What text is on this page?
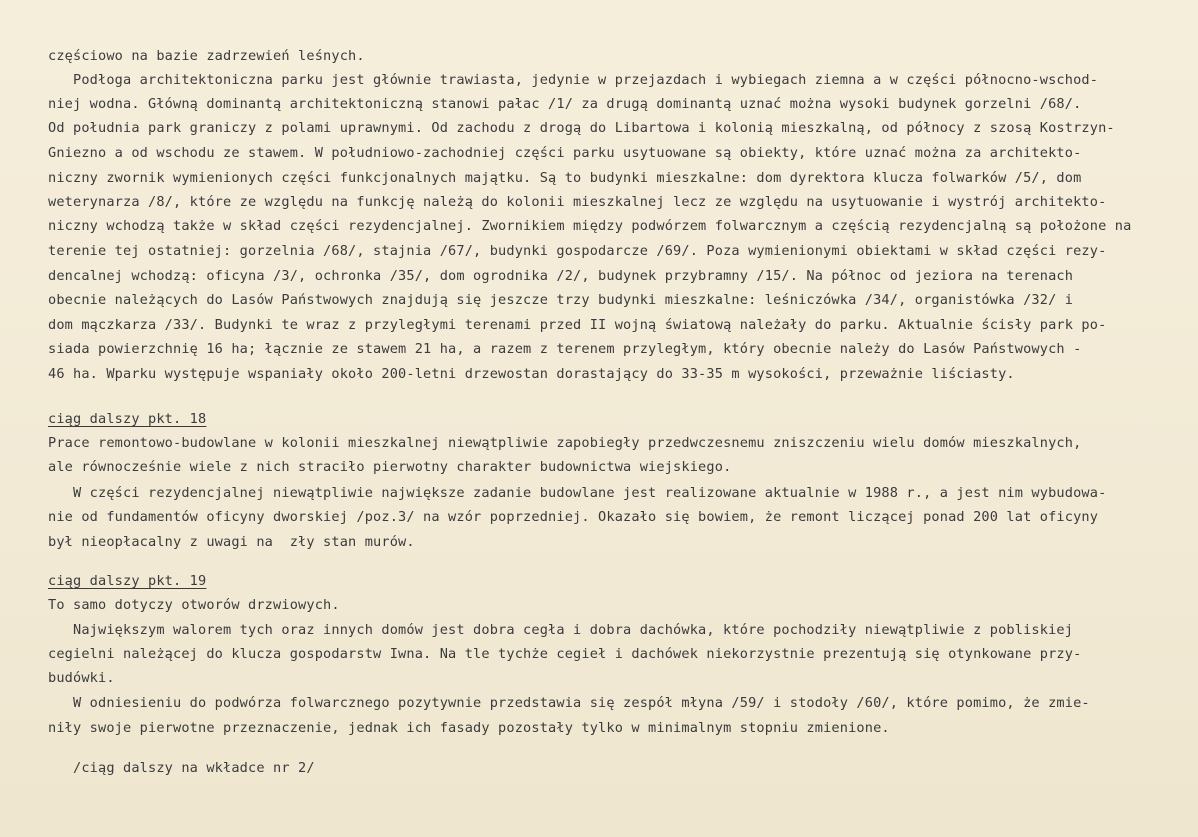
częściowo na bazie zadrzewień leśnych.
Podłoga architektoniczna parku jest głównie trawiasta, jedynie w przejazdach i wybiegach ziemna a w części północno-wschod-
niej wodna. Główną dominantą architektoniczną stanowi pałac /1/ za drugą dominantą uznać można wysoki budynek gorzelni /68/.
Od południa park graniczy z polami uprawnymi. Od zachodu z drogą do Libartowa i kolonią mieszkalną, od północy z szosą Kostrzyn-
Gniezno a od wschodu ze stawem. W południowo-zachodniej części parku usytuowane są obiekty, które uznać można za architekto-
niczny zwornik wymienionych części funkcjonalnych majątku. Są to budynki mieszkalne: dom dyrektora klucza folwarków /5/, dom
weterynarza /8/, które ze względu na funkcję należą do kolonii mieszkalnej lecz ze względu na usytuowanie i wystrój architekto-
niczny wchodzą także w skład części rezydencjalnej. Zwornikiem między podwórzem folwarcznym a częścią rezydencjalną są położone na
terenie tej ostatniej: gorzelnia /68/, stajnia /67/, budynki gospodarcze /69/. Poza wymienionymi obiektami w skład części rezy-
dencalnej wchodzą: oficyna /3/, ochronka /35/, dom ogrodnika /2/, budynek przybramny /15/. Na północ od jeziora na terenach
obecnie należących do Lasów Państwowych znajdują się jeszcze trzy budynki mieszkalne: leśniczówka /34/, organistówka /32/ i
dom mączkarza /33/. Budynki te wraz z przyległymi terenami przed II wojną światową należały do parku. Aktualnie ścisły park po-
siada powierzchnię 16 ha; łącznie ze stawem 21 ha, a razem z terenem przyległym, który obecnie należy do Lasów Państwowych -
46 ha. Wparku występuje wspaniały około 200-letni drzewostan dorastający do 33-35 m wysokości, przeważnie liściasty.
ciąg dalszy pkt. 18
Prace remontowo-budowlane w kolonii mieszkalnej niewątpliwie zapobiegły przedwczesnemu zniszczeniu wielu domów mieszkalnych,
ale równocześnie wiele z nich straciło pierwotny charakter budownictwa wiejskiego.
W części rezydencjalnej niewątpliwie największe zadanie budowlane jest realizowane aktualnie w 1988 r., a jest nim wybudowa-
nie od fundamentów oficyny dworskiej /poz.3/ na wzór poprzedniej. Okazało się bowiem, że remont liczącej ponad 200 lat oficyny
był nieopłacalny z uwagi na  zły stan murów.
ciąg dalszy pkt. 19
To samo dotyczy otworów drzwiowych.
Największym walorem tych oraz innych domów jest dobra cegła i dobra dachówka, które pochodziły niewątpliwie z pobliskiej
cegielni należącej do klucza gospodarstw Iwna. Na tle tychże cegieł i dachówek niekorzystnie prezentują się otynkowane przy-
budówki.
W odniesieniu do podwórza folwarcznego pozytywnie przedstawia się zespół młyna /59/ i stodoły /60/, które pomimo, że zmie-
niły swoje pierwotne przeznaczenie, jednak ich fasady pozostały tylko w minimalnym stopniu zmienione.
/ciąg dalszy na wkładce nr 2/
